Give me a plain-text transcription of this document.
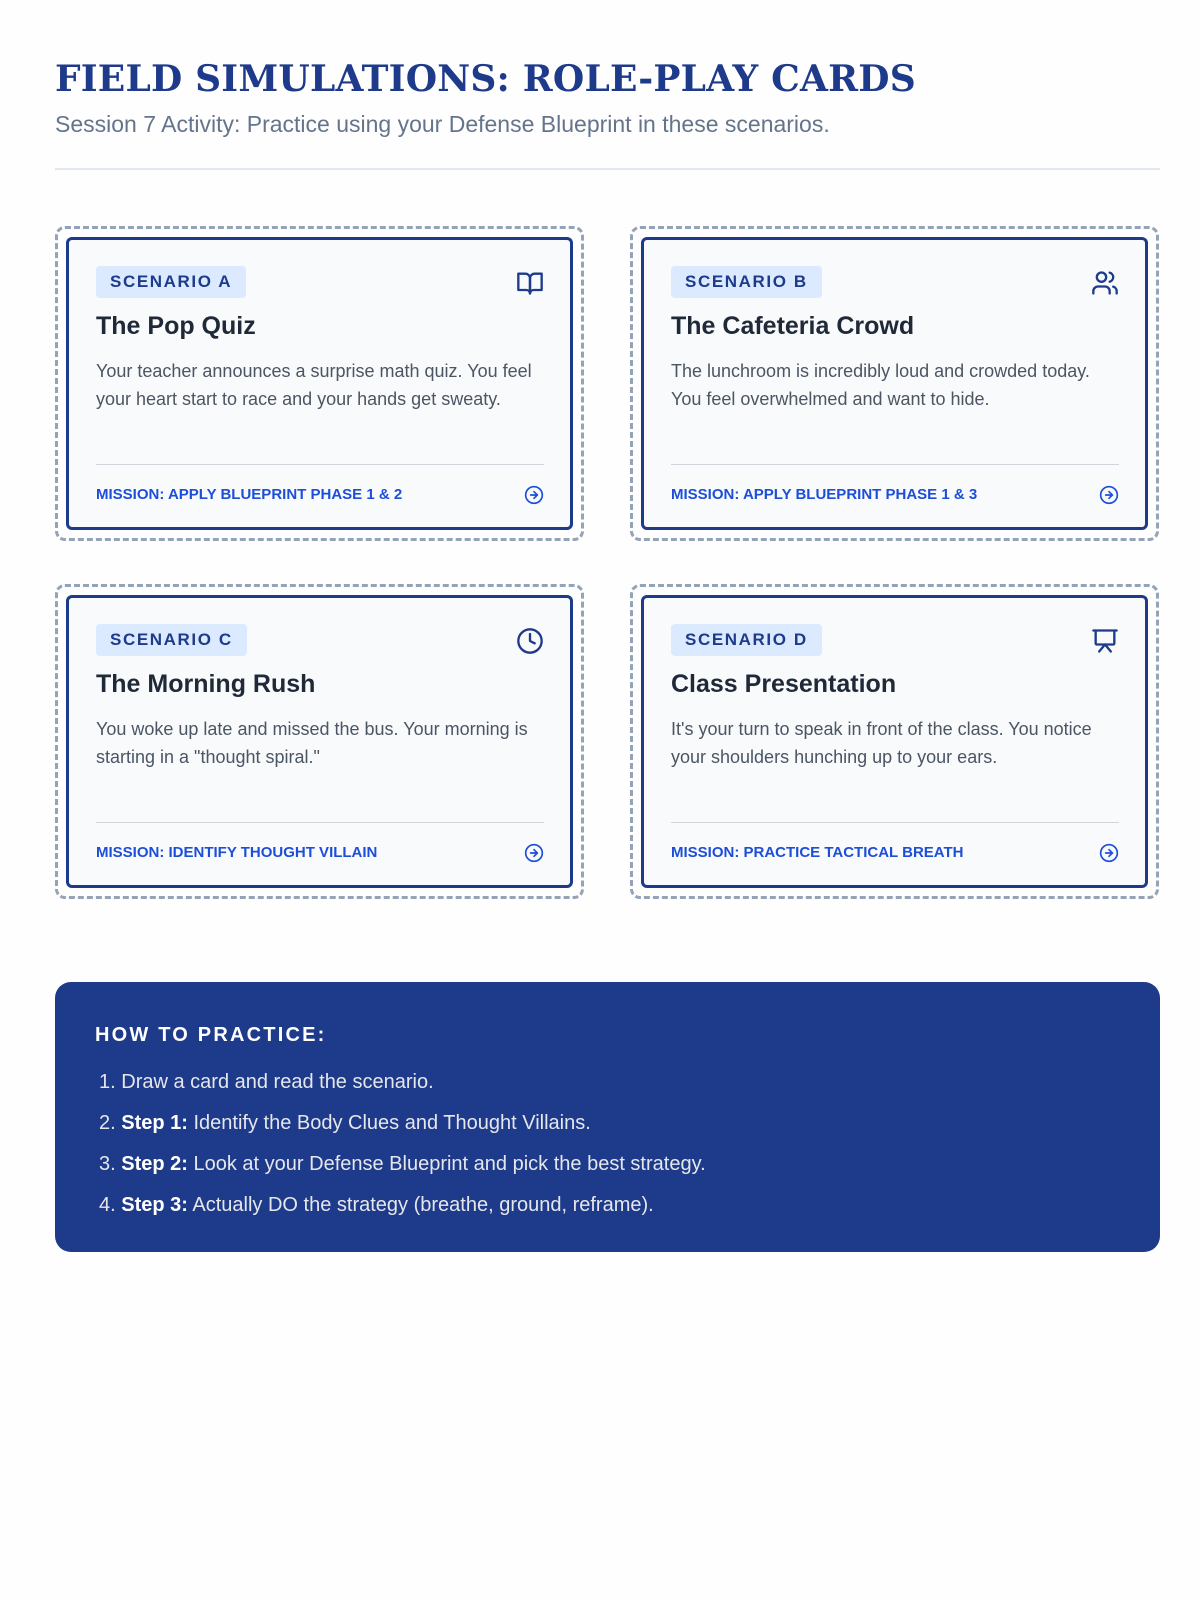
FIELD SIMULATIONS: ROLE-PLAY CARDS
Session 7 Activity: Practice using your Defense Blueprint in these scenarios.
SCENARIO A
The Pop Quiz

Your teacher announces a surprise math quiz. You feel your heart start to race and your hands get sweaty.

MISSION: APPLY BLUEPRINT PHASE 1 & 2
SCENARIO B
The Cafeteria Crowd

The lunchroom is incredibly loud and crowded today. You feel overwhelmed and want to hide.

MISSION: APPLY BLUEPRINT PHASE 1 & 3
SCENARIO C
The Morning Rush

You woke up late and missed the bus. Your morning is starting in a "thought spiral."

MISSION: IDENTIFY THOUGHT VILLAIN
SCENARIO D
Class Presentation

It's your turn to speak in front of the class. You notice your shoulders hunching up to your ears.

MISSION: PRACTICE TACTICAL BREATH
HOW TO PRACTICE:
1. Draw a card and read the scenario.
2. Step 1: Identify the Body Clues and Thought Villains.
3. Step 2: Look at your Defense Blueprint and pick the best strategy.
4. Step 3: Actually DO the strategy (breathe, ground, reframe).
